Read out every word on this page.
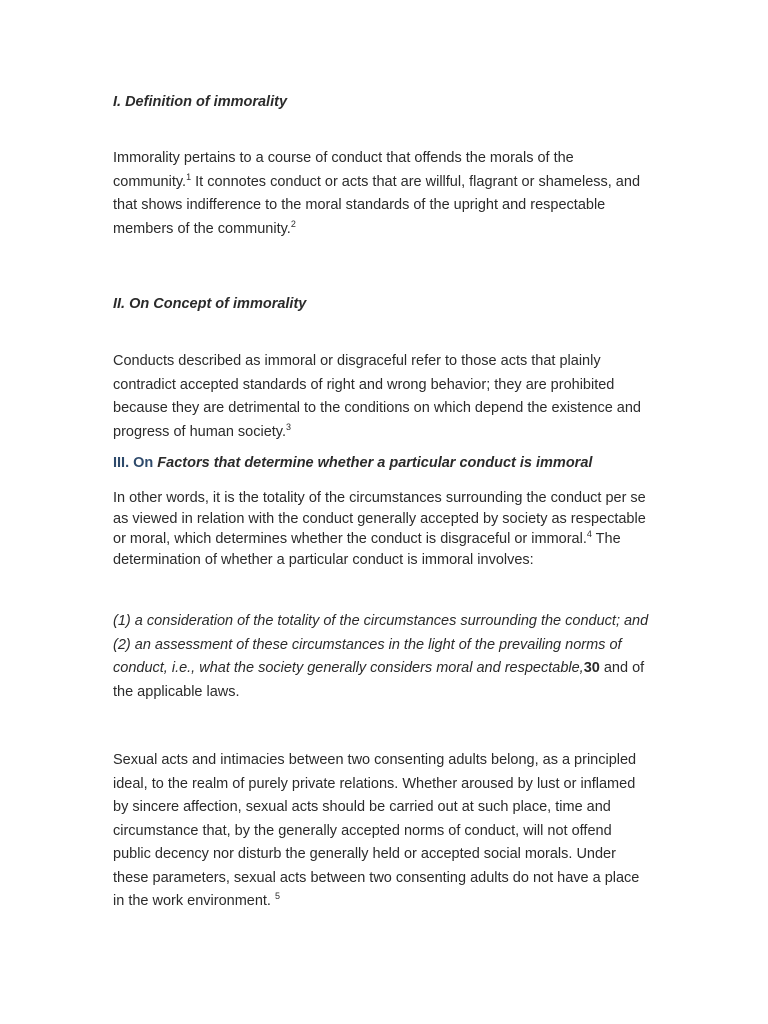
I. Definition of immorality
Immorality pertains to a course of conduct that offends the morals of the community.$^1$ It connotes conduct or acts that are willful, flagrant or shameless, and that shows indifference to the moral standards of the upright and respectable members of the community.$^2$
II. On Concept of immorality
Conducts described as immoral or disgraceful refer to those acts that plainly contradict accepted standards of right and wrong behavior; they are prohibited because they are detrimental to the conditions on which depend the existence and progress of human society.$^3$
III. On Factors that determine whether a particular conduct is immoral
In other words, it is the totality of the circumstances surrounding the conduct per se as viewed in relation with the conduct generally accepted by society as respectable or moral, which determines whether the conduct is disgraceful or immoral.$^4$ The determination of whether a particular conduct is immoral involves:
(1) a consideration of the totality of the circumstances surrounding the conduct; and (2) an assessment of these circumstances in the light of the prevailing norms of conduct, i.e., what the society generally considers moral and respectable,30 and of the applicable laws.
Sexual acts and intimacies between two consenting adults belong, as a principled ideal, to the realm of purely private relations. Whether aroused by lust or inflamed by sincere affection, sexual acts should be carried out at such place, time and circumstance that, by the generally accepted norms of conduct, will not offend public decency nor disturb the generally held or accepted social morals. Under these parameters, sexual acts between two consenting adults do not have a place in the work environment. $^5$
